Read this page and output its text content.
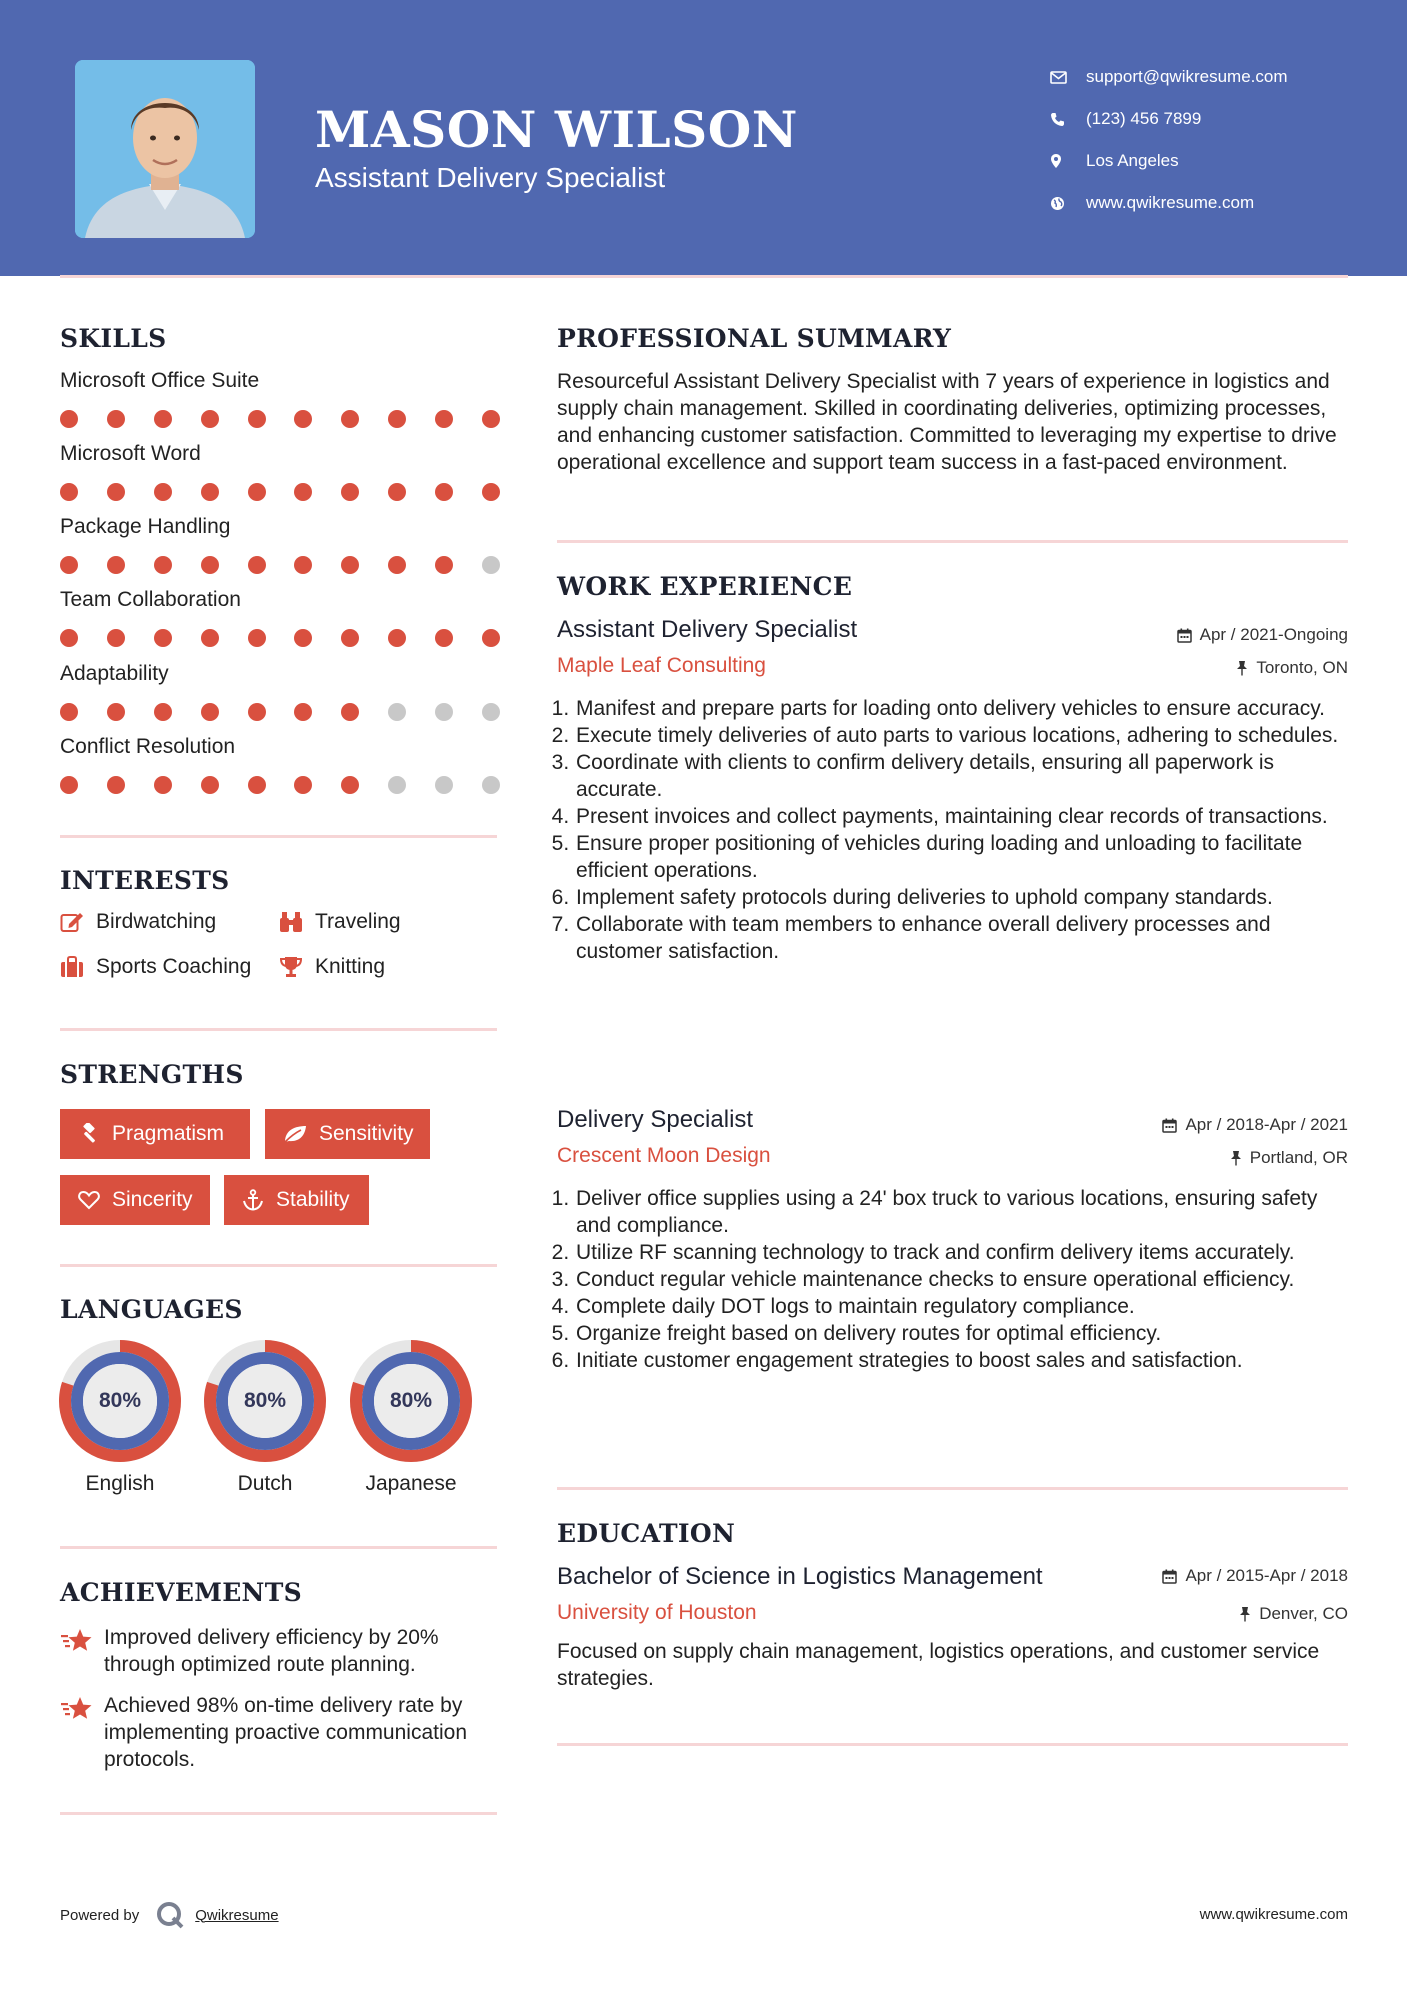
MASON WILSON
Assistant Delivery Specialist
support@qwikresume.com
(123) 456 7899
Los Angeles
www.qwikresume.com
SKILLS
Microsoft Office Suite
Microsoft Word
Package Handling
Team Collaboration
Adaptability
Conflict Resolution
INTERESTS
Birdwatching	Traveling
Sports Coaching	Knitting
STRENGTHS
Pragmatism	Sensitivity
Sincerity	Stability
LANGUAGES
80%
English
80%
Dutch
80%
Japanese
ACHIEVEMENTS
Improved delivery efficiency by 20% through optimized route planning.
Achieved 98% on-time delivery rate by implementing proactive communication protocols.
PROFESSIONAL SUMMARY
Resourceful Assistant Delivery Specialist with 7 years of experience in logistics and supply chain management. Skilled in coordinating deliveries, optimizing processes, and enhancing customer satisfaction. Committed to leveraging my expertise to drive operational excellence and support team success in a fast-paced environment.
WORK EXPERIENCE
Assistant Delivery Specialist	Apr / 2021-Ongoing
Maple Leaf Consulting	Toronto, ON
1. Manifest and prepare parts for loading onto delivery vehicles to ensure accuracy.
2. Execute timely deliveries of auto parts to various locations, adhering to schedules.
3. Coordinate with clients to confirm delivery details, ensuring all paperwork is accurate.
4. Present invoices and collect payments, maintaining clear records of transactions.
5. Ensure proper positioning of vehicles during loading and unloading to facilitate efficient operations.
6. Implement safety protocols during deliveries to uphold company standards.
7. Collaborate with team members to enhance overall delivery processes and customer satisfaction.
Delivery Specialist	Apr / 2018-Apr / 2021
Crescent Moon Design	Portland, OR
1. Deliver office supplies using a 24' box truck to various locations, ensuring safety and compliance.
2. Utilize RF scanning technology to track and confirm delivery items accurately.
3. Conduct regular vehicle maintenance checks to ensure operational efficiency.
4. Complete daily DOT logs to maintain regulatory compliance.
5. Organize freight based on delivery routes for optimal efficiency.
6. Initiate customer engagement strategies to boost sales and satisfaction.
EDUCATION
Bachelor of Science in Logistics Management	Apr / 2015-Apr / 2018
University of Houston	Denver, CO
Focused on supply chain management, logistics operations, and customer service strategies.
Powered by	Qwikresume	www.qwikresume.com
